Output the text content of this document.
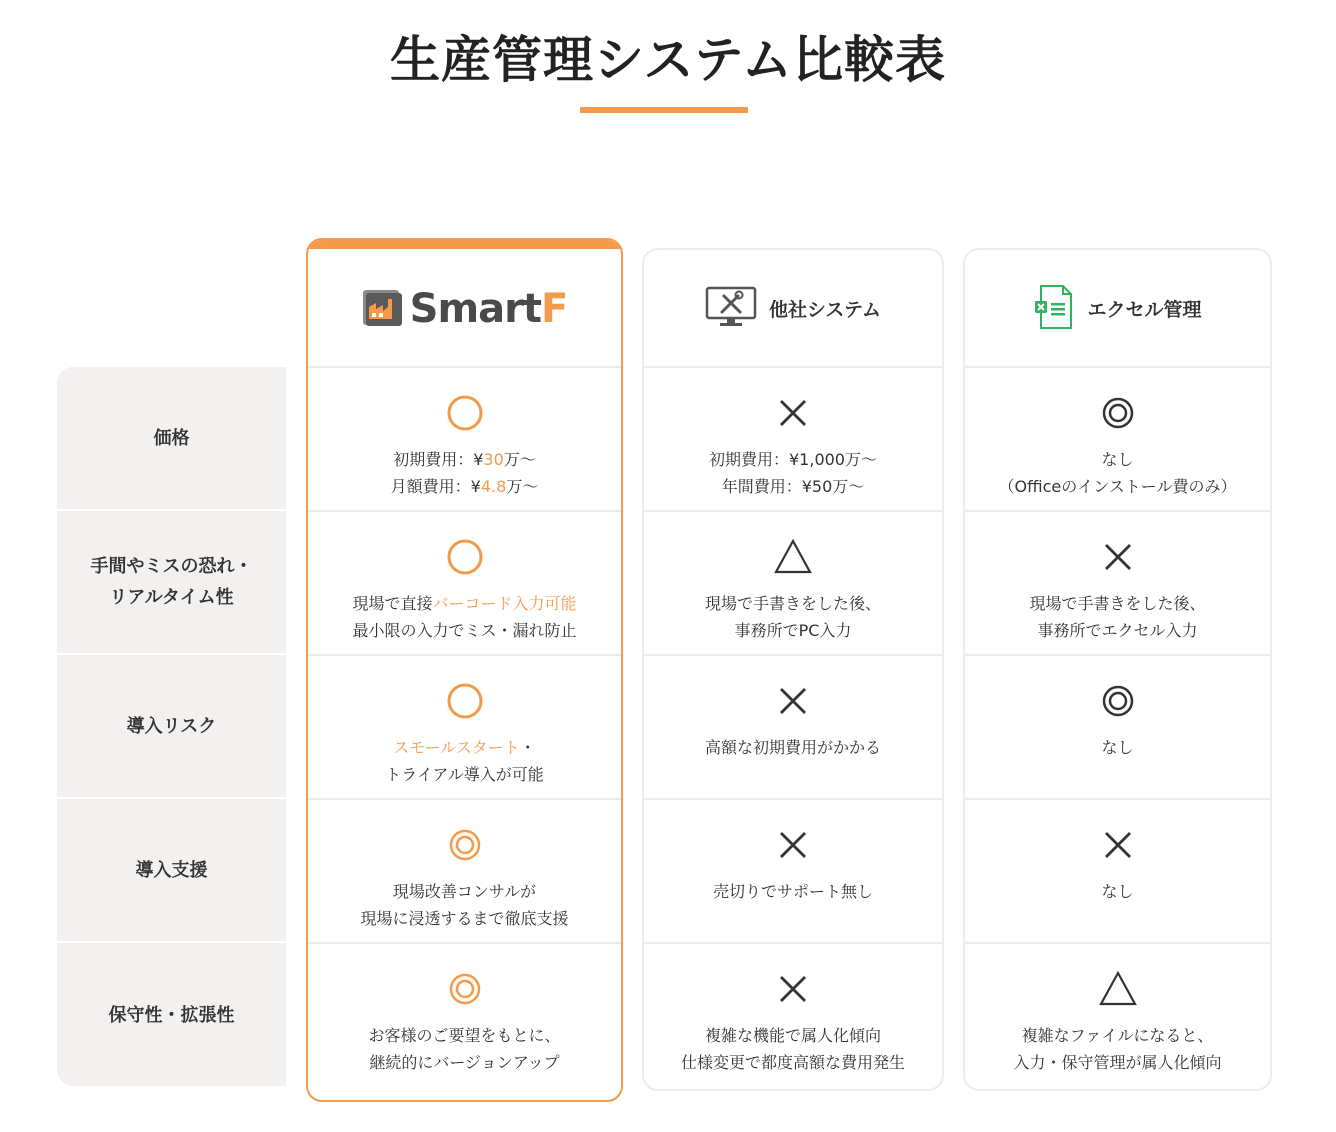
生産管理システム比較表
価格
手間やミスの恐れ・
リアルタイム性
導入リスク
導入支援
保守性・拡張性
SmartF
初期費用：¥30万～
月額費用：¥4.8万～
現場で直接バーコード入力可能
最小限の入力でミス・漏れ防止
スモールスタート・
トライアル導入が可能
現場改善コンサルが
現場に浸透するまで徹底支援
お客様のご要望をもとに、
継続的にバージョンアップ
他社システム
初期費用：¥1,000万～
年間費用：¥50万～
現場で手書きをした後、
事務所でPC入力
高額な初期費用がかかる
売切りでサポート無し
複雑な機能で属人化傾向
仕様変更で都度高額な費用発生
エクセル管理
なし
（Officeのインストール費のみ）
現場で手書きをした後、
事務所でエクセル入力
なし
なし
複雑なファイルになると、
入力・保守管理が属人化傾向
